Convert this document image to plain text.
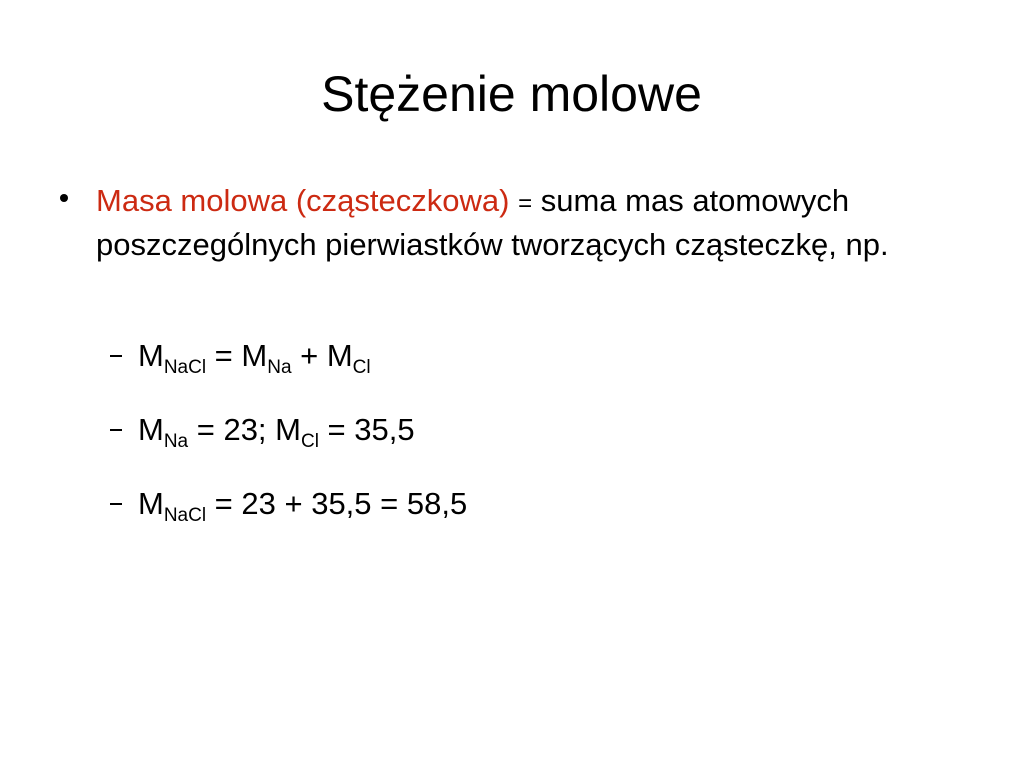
Stężenie molowe
Masa molowa (cząsteczkowa) = suma mas atomowych poszczególnych pierwiastków tworzących cząsteczkę, np.
$M_{NaCl} = M_{Na} + M_{Cl}$
$M_{Na} = 23$; $M_{Cl} = 35,5$
$M_{NaCl} = 23 + 35,5 = 58,5$
